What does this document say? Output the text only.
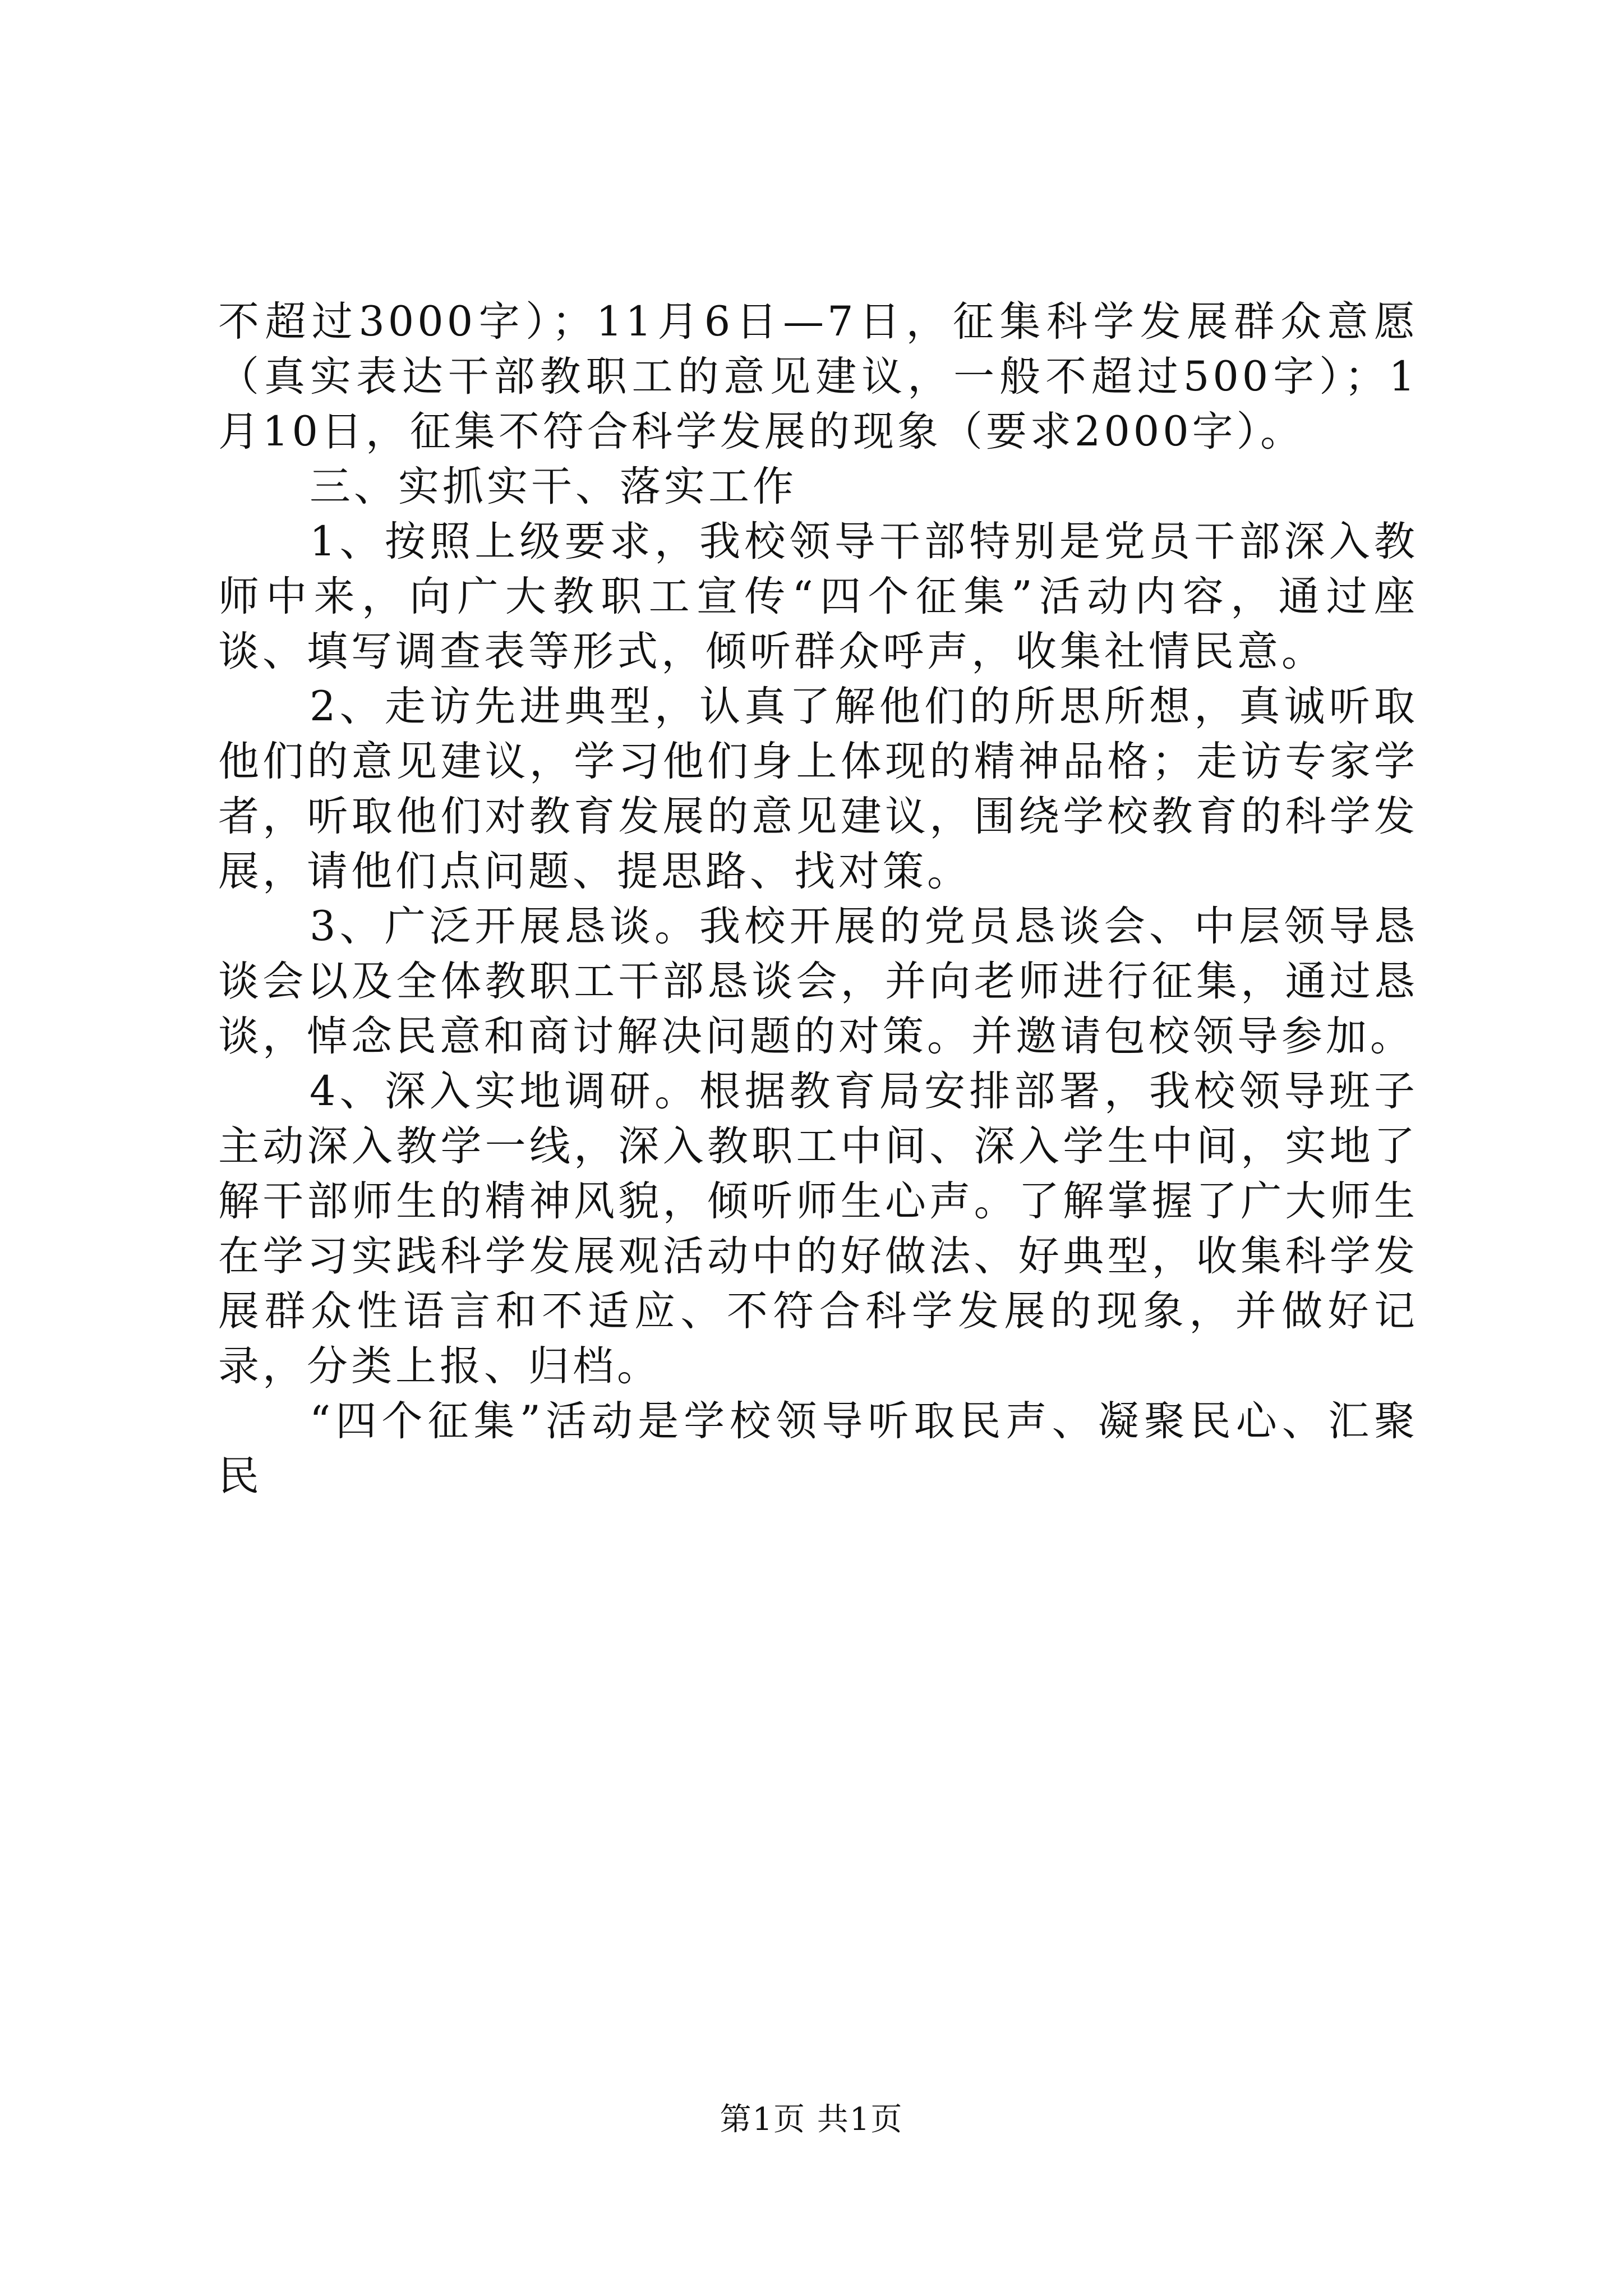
不超过3000字）；11月6日—7日，征集科学发展群众意愿（真实表达干部教职工的意见建议，一般不超过500字）；1月10日，征集不符合科学发展的现象（要求2000字）。

三、实抓实干、落实工作

1、按照上级要求，我校领导干部特别是党员干部深入教师中来，向广大教职工宣传“四个征集”活动内容，通过座谈、填写调查表等形式，倾听群众呼声，收集社情民意。

2、走访先进典型，认真了解他们的所思所想，真诚听取他们的意见建议，学习他们身上体现的精神品格；走访专家学者，听取他们对教育发展的意见建议，围绕学校教育的科学发展，请他们点问题、提思路、找对策。

3、广泛开展恳谈。我校开展的党员恳谈会、中层领导恳谈会以及全体教职工干部恳谈会，并向老师进行征集，通过恳谈，悼念民意和商讨解决问题的对策。并邀请包校领导参加。

4、深入实地调研。根据教育局安排部署，我校领导班子主动深入教学一线，深入教职工中间、深入学生中间，实地了解干部师生的精神风貌，倾听师生心声。了解掌握了广大师生在学习实践科学发展观活动中的好做法、好典型，收集科学发展群众性语言和不适应、不符合科学发展的现象，并做好记录，分类上报、归档。

“四个征集”活动是学校领导听取民声、凝聚民心、汇聚民

第1页 共1页
